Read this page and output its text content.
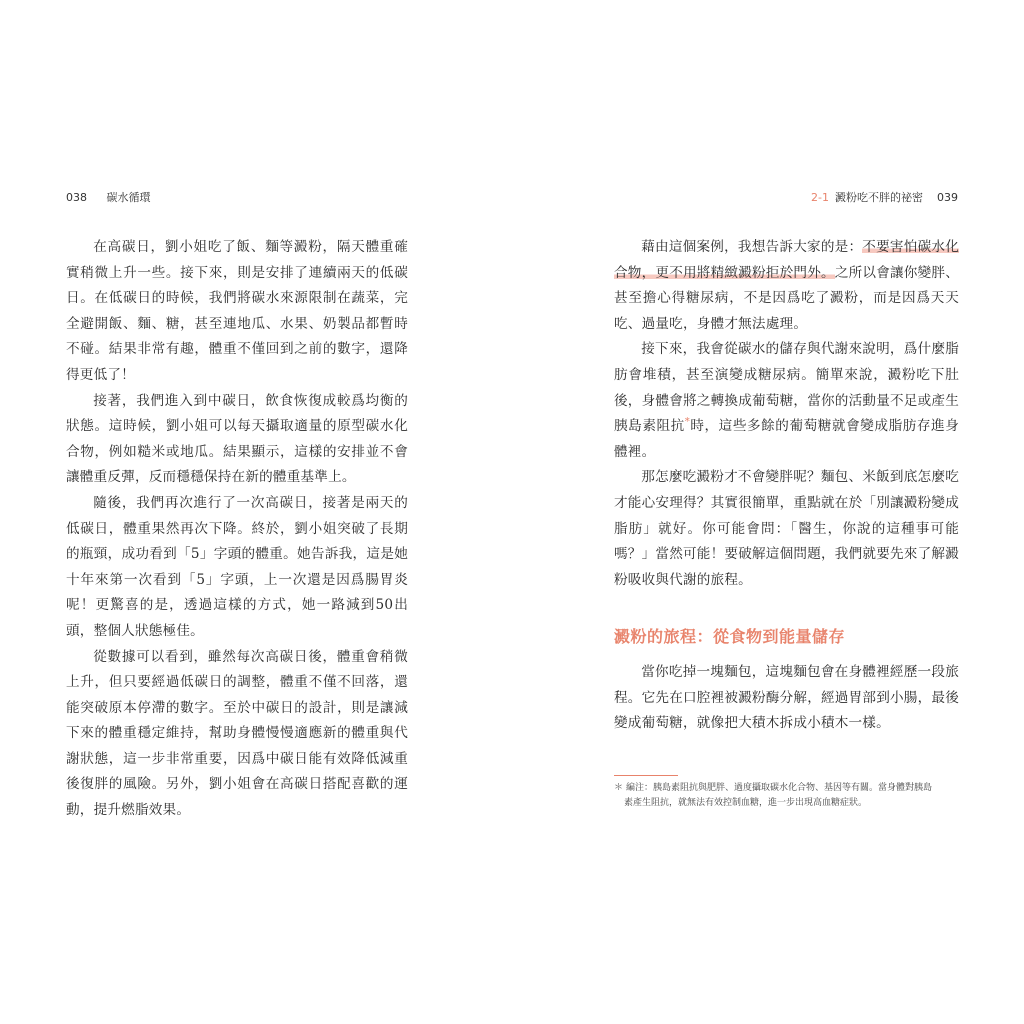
038 碳水循環

在高碳日，劉小姐吃了飯、麵等澱粉，隔天體重確實稍微上升一些。接下來，則是安排了連續兩天的低碳日。在低碳日的時候，我們將碳水來源限制在蔬菜，完全避開飯、麵、糖，甚至連地瓜、水果、奶製品都暫時不碰。結果非常有趣，體重不僅回到之前的數字，還降得更低了！

接著，我們進入到中碳日，飲食恢復成較爲均衡的狀態。這時候，劉小姐可以每天攝取適量的原型碳水化合物，例如糙米或地瓜。結果顯示，這樣的安排並不會讓體重反彈，反而穩穩保持在新的體重基準上。

隨後，我們再次進行了一次高碳日，接著是兩天的低碳日，體重果然再次下降。終於，劉小姐突破了長期的瓶頸，成功看到「5」字頭的體重。她告訴我，這是她十年來第一次看到「5」字頭，上一次還是因爲腸胃炎呢！更驚喜的是，透過這樣的方式，她一路減到50出頭，整個人狀態極佳。

從數據可以看到，雖然每次高碳日後，體重會稍微上升，但只要經過低碳日的調整，體重不僅不回落，還能突破原本停滯的數字。至於中碳日的設計，則是讓減下來的體重穩定維持，幫助身體慢慢適應新的體重與代謝狀態，這一步非常重要，因爲中碳日能有效降低減重後復胖的風險。另外，劉小姐會在高碳日搭配喜歡的運動，提升燃脂效果。

2-1 澱粉吃不胖的祕密 039

藉由這個案例，我想告訴大家的是：不要害怕碳水化合物，更不用將精緻澱粉拒於門外。之所以會讓你變胖、甚至擔心得糖尿病，不是因爲吃了澱粉，而是因爲天天吃、過量吃，身體才無法處理。

接下來，我會從碳水的儲存與代謝來說明，爲什麼脂肪會堆積，甚至演變成糖尿病。簡單來說，澱粉吃下肚後，身體會將之轉換成葡萄糖，當你的活動量不足或產生胰島素阻抗*時，這些多餘的葡萄糖就會變成脂肪存進身體裡。

那怎麼吃澱粉才不會變胖呢？麵包、米飯到底怎麼吃才能心安理得？其實很簡單，重點就在於「別讓澱粉變成脂肪」就好。你可能會問：「醫生，你說的這種事可能嗎？」當然可能！要破解這個問題，我們就要先來了解澱粉吸收與代謝的旅程。

澱粉的旅程：從食物到能量儲存

當你吃掉一塊麵包，這塊麵包會在身體裡經歷一段旅程。它先在口腔裡被澱粉酶分解，經過胃部到小腸，最後變成葡萄糖，就像把大積木拆成小積木一樣。

＊ 編注：胰島素阻抗與肥胖、過度攝取碳水化合物、基因等有關。當身體對胰島
素產生阻抗，就無法有效控制血糖，進一步出現高血糖症狀。
